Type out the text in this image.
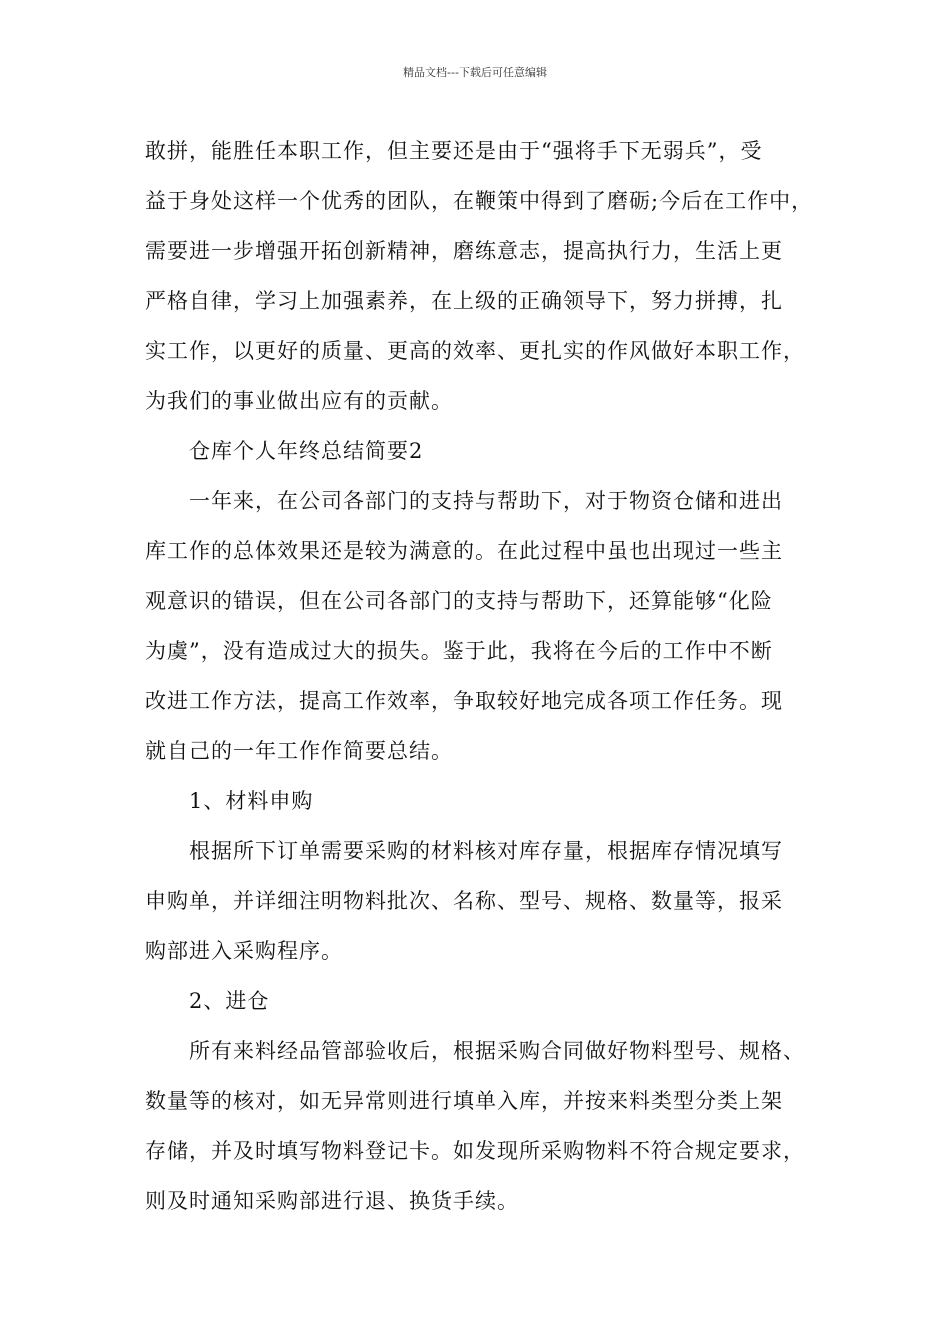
精品文档---下载后可任意编辑
敢拼，能胜任本职工作，但主要还是由于“强将手下无弱兵”，受
益于身处这样一个优秀的团队，在鞭策中得到了磨砺;今后在工作中，
需要进一步增强开拓创新精神，磨练意志，提高执行力，生活上更
严格自律，学习上加强素养，在上级的正确领导下，努力拼搏，扎
实工作，以更好的质量、更高的效率、更扎实的作风做好本职工作，
为我们的事业做出应有的贡献。
仓库个人年终总结简要2
一年来，在公司各部门的支持与帮助下，对于物资仓储和进出
库工作的总体效果还是较为满意的。在此过程中虽也出现过一些主
观意识的错误，但在公司各部门的支持与帮助下，还算能够“化险
为虞”，没有造成过大的损失。鉴于此，我将在今后的工作中不断
改进工作方法，提高工作效率，争取较好地完成各项工作任务。现
就自己的一年工作作简要总结。
1、材料申购
根据所下订单需要采购的材料核对库存量，根据库存情况填写
申购单，并详细注明物料批次、名称、型号、规格、数量等，报采
购部进入采购程序。
2、进仓
所有来料经品管部验收后，根据采购合同做好物料型号、规格、
数量等的核对，如无异常则进行填单入库，并按来料类型分类上架
存储，并及时填写物料登记卡。如发现所采购物料不符合规定要求，
则及时通知采购部进行退、换货手续。
